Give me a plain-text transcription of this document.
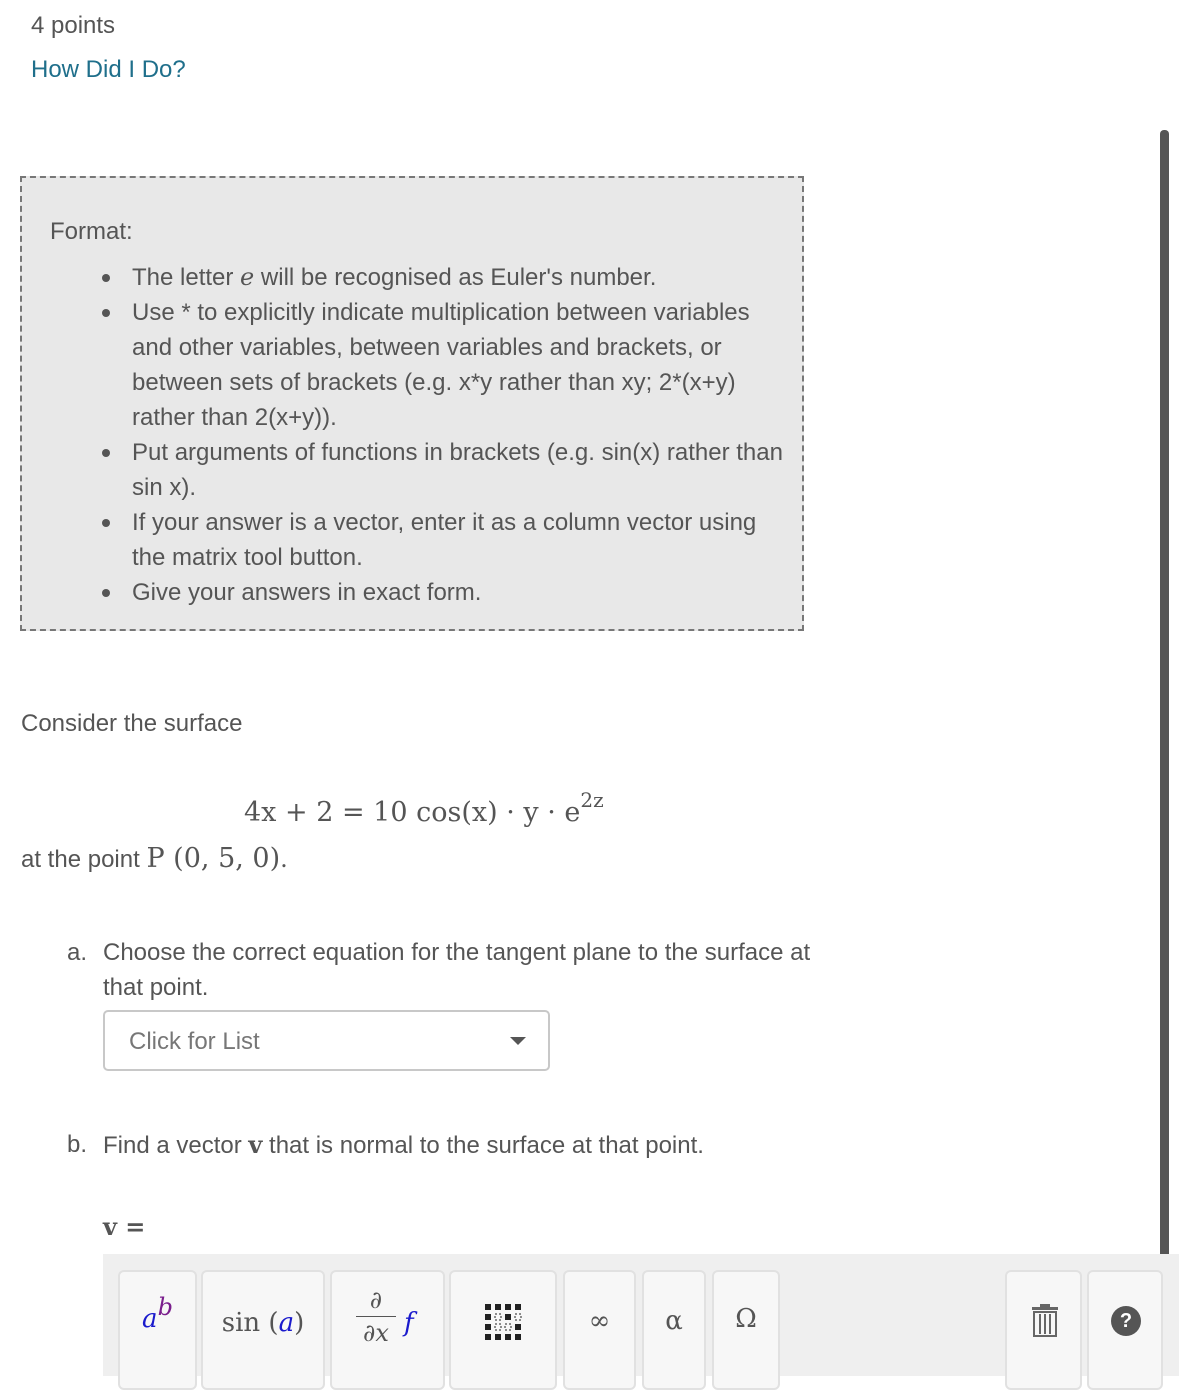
4 points
How Did I Do?
Format:
The letter e will be recognised as Euler's number.
Use * to explicitly indicate multiplication between variables and other variables, between variables and brackets, or between sets of brackets (e.g. x*y rather than xy; 2*(x+y) rather than 2(x+y)).
Put arguments of functions in brackets (e.g. sin(x) rather than sin x).
If your answer is a vector, enter it as a column vector using the matrix tool button.
Give your answers in exact form.
Consider the surface
4x + 2 = 10 $\cos(x) \cdot y \cdot e^{2z}$
at the point P (0, 5, 0).
a. Choose the correct equation for the tangent plane to the surface at that point.
Click for List
b. Find a vector v that is normal to the surface at that point.
v =
ab
sin (a)
∂
∂x f	∞	α	Ω	?
